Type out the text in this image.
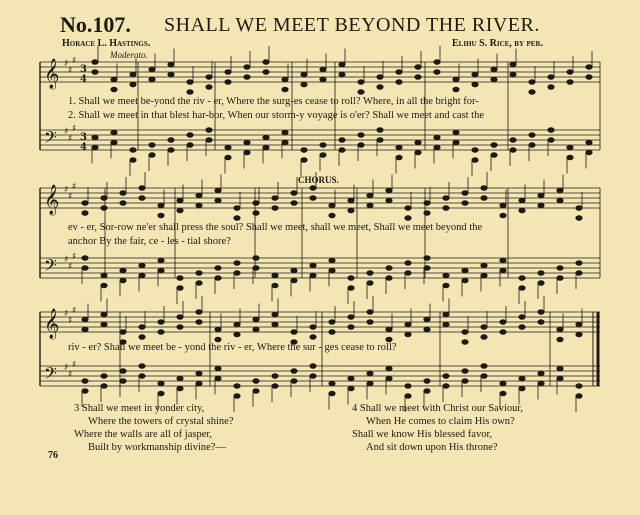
No.107. SHALL WE MEET BEYOND THE RIVER.
Horace L. Hastings.	Elihu S. Rice, by per.
Moderato.
𝄞
𝄢
𝄞
𝄢
𝄞
𝄢
♯
♯
♯
♯
♯
♯
♯
♯
♯
♯
♯
♯
♯
♯
♯
♯
♯
♯
3
4
3
4
1. Shall we meet be-yond the riv - er, Where the surg-es cease to roll? Where, in all the bright for-
2. Shall we meet in that blest har-bor, When our storm-y voyage is o'er? Shall we meet and cast the
CHORUS.
ev - er, Sor-row ne'er shall press the soul? Shall we meet, shall we meet, Shall we meet beyond the
anchor By the fair, ce - les - tial shore?
riv - er? Shall we meet be - yond the riv - er, Where the sur - ges cease to roll?
3 Shall we meet in yonder city,
Where the towers of crystal shine?
Where the walls are all of jasper,
Built by workmanship divine?—
4 Shall we meet with Christ our Saviour,
When He comes to claim His own?
Shall we know His blessed favor,
And sit down upon His throne?
76
